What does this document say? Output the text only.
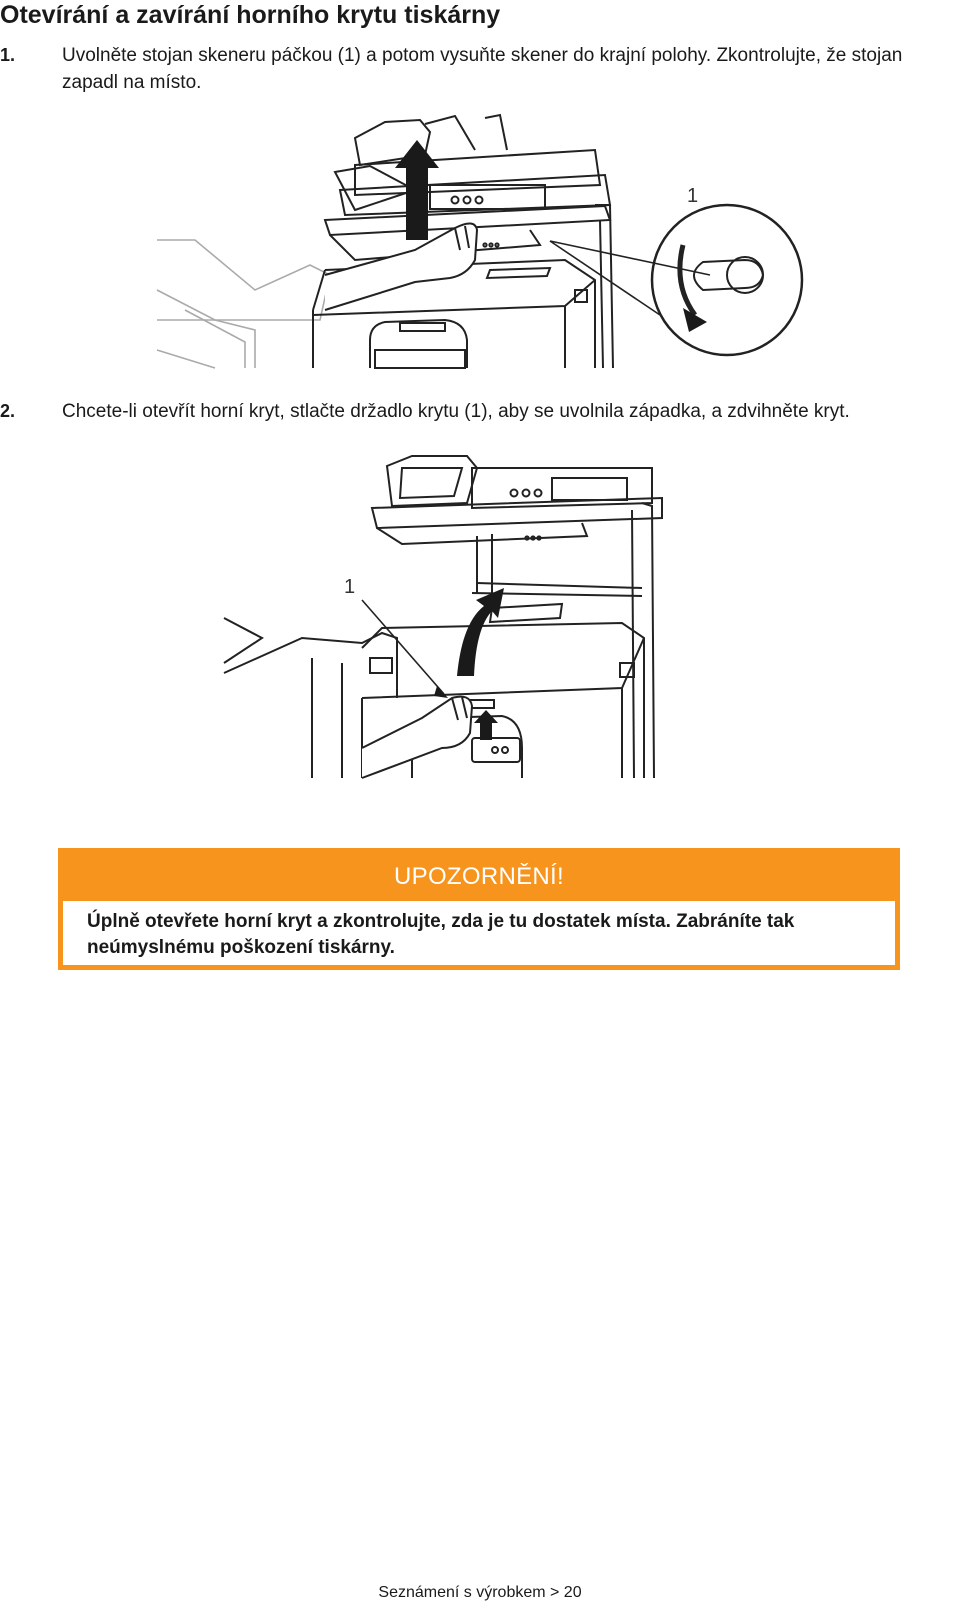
Otevírání a zavírání horního krytu tiskárny
1. Uvolněte stojan skeneru páčkou (1) a potom vysuňte skener do krajní polohy. Zkontrolujte, že stojan zapadl na místo.
1
2. Chcete-li otevřít horní kryt, stlačte držadlo krytu (1), aby se uvolnila západka, a zdvihněte kryt.
1
UPOZORNĚNÍ!
Úplně otevřete horní kryt a zkontrolujte, zda je tu dostatek místa. Zabráníte tak neúmyslnému poškození tiskárny.
Seznámení s výrobkem > 20
